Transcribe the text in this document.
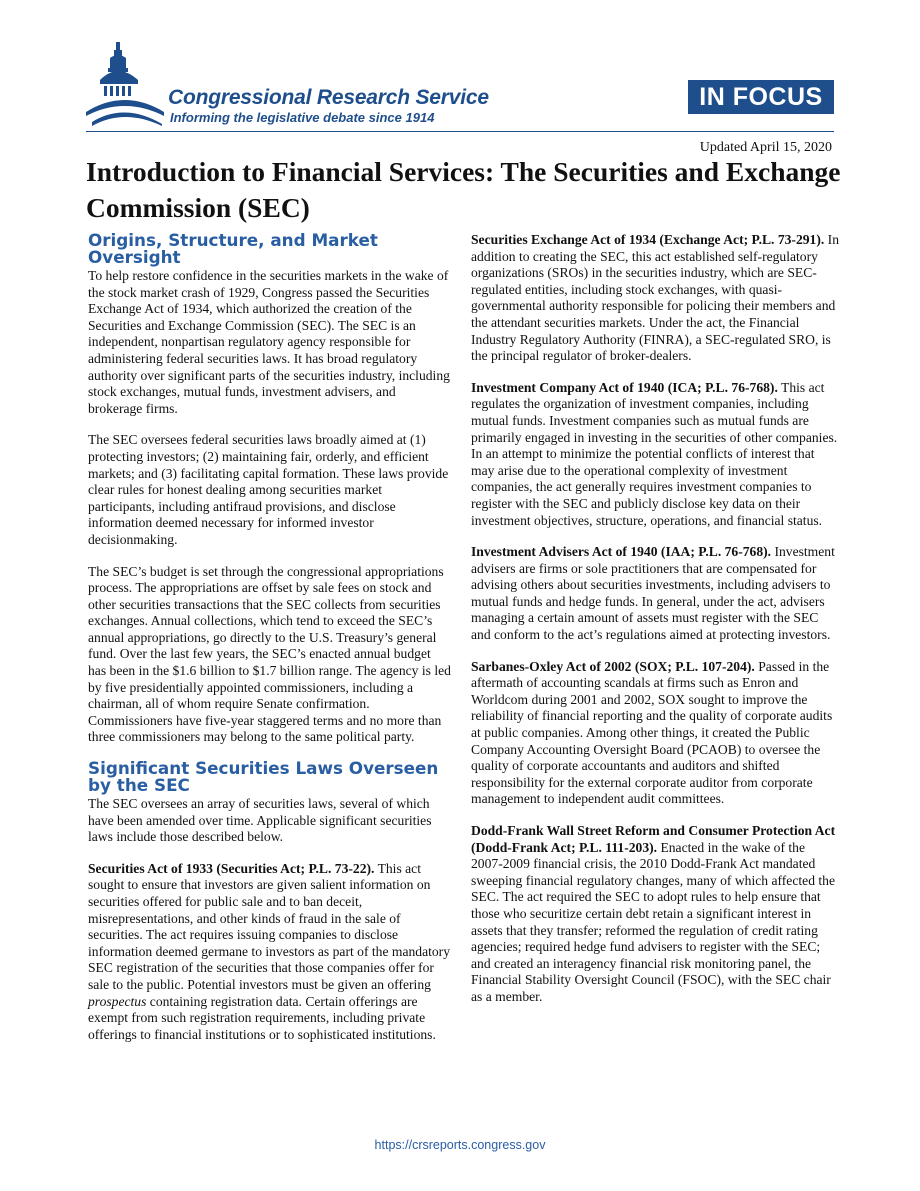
Congressional Research Service
Informing the legislative debate since 1914
IN FOCUS
Updated April 15, 2020
Introduction to Financial Services: The Securities and Exchange Commission (SEC)
Origins, Structure, and Market Oversight

To help restore confidence in the securities markets in the wake of the stock market crash of 1929, Congress passed the Securities Exchange Act of 1934, which authorized the creation of the Securities and Exchange Commission (SEC). The SEC is an independent, nonpartisan regulatory agency responsible for administering federal securities laws. It has broad regulatory authority over significant parts of the securities industry, including stock exchanges, mutual funds, investment advisers, and brokerage firms.

The SEC oversees federal securities laws broadly aimed at (1) protecting investors; (2) maintaining fair, orderly, and efficient markets; and (3) facilitating capital formation. These laws provide clear rules for honest dealing among securities market participants, including antifraud provisions, and disclose information deemed necessary for informed investor decisionmaking.

The SEC’s budget is set through the congressional appropriations process. The appropriations are offset by sale fees on stock and other securities transactions that the SEC collects from securities exchanges. Annual collections, which tend to exceed the SEC’s annual appropriations, go directly to the U.S. Treasury’s general fund. Over the last few years, the SEC’s enacted annual budget has been in the $1.6 billion to $1.7 billion range. The agency is led by five presidentially appointed commissioners, including a chairman, all of whom require Senate confirmation. Commissioners have five-year staggered terms and no more than three commissioners may belong to the same political party.

Significant Securities Laws Overseen by the SEC

The SEC oversees an array of securities laws, several of which have been amended over time. Applicable significant securities laws include those described below.

Securities Act of 1933 (Securities Act; P.L. 73-22). This act sought to ensure that investors are given salient information on securities offered for public sale and to ban deceit, misrepresentations, and other kinds of fraud in the sale of securities. The act requires issuing companies to disclose information deemed germane to investors as part of the mandatory SEC registration of the securities that those companies offer for sale to the public. Potential investors must be given an offering prospectus containing registration data. Certain offerings are exempt from such registration requirements, including private offerings to financial institutions or to sophisticated institutions.

Securities Exchange Act of 1934 (Exchange Act; P.L. 73-291). In addition to creating the SEC, this act established self-regulatory organizations (SROs) in the securities industry, which are SEC-regulated entities, including stock exchanges, with quasi-governmental authority responsible for policing their members and the attendant securities markets. Under the act, the Financial Industry Regulatory Authority (FINRA), a SEC-regulated SRO, is the principal regulator of broker-dealers.

Investment Company Act of 1940 (ICA; P.L. 76-768). This act regulates the organization of investment companies, including mutual funds. Investment companies such as mutual funds are primarily engaged in investing in the securities of other companies. In an attempt to minimize the potential conflicts of interest that may arise due to the operational complexity of investment companies, the act generally requires investment companies to register with the SEC and publicly disclose key data on their investment objectives, structure, operations, and financial status.

Investment Advisers Act of 1940 (IAA; P.L. 76-768). Investment advisers are firms or sole practitioners that are compensated for advising others about securities investments, including advisers to mutual funds and hedge funds. In general, under the act, advisers managing a certain amount of assets must register with the SEC and conform to the act’s regulations aimed at protecting investors.

Sarbanes-Oxley Act of 2002 (SOX; P.L. 107-204). Passed in the aftermath of accounting scandals at firms such as Enron and Worldcom during 2001 and 2002, SOX sought to improve the reliability of financial reporting and the quality of corporate audits at public companies. Among other things, it created the Public Company Accounting Oversight Board (PCAOB) to oversee the quality of corporate accountants and auditors and shifted responsibility for the external corporate auditor from corporate management to independent audit committees.

Dodd-Frank Wall Street Reform and Consumer Protection Act (Dodd-Frank Act; P.L. 111-203). Enacted in the wake of the 2007-2009 financial crisis, the 2010 Dodd-Frank Act mandated sweeping financial regulatory changes, many of which affected the SEC. The act required the SEC to adopt rules to help ensure that those who securitize certain debt retain a significant interest in assets that they transfer; reformed the regulation of credit rating agencies; required hedge fund advisers to register with the SEC; and created an interagency financial risk monitoring panel, the Financial Stability Oversight Council (FSOC), with the SEC chair as a member.

https://crsreports.congress.gov
